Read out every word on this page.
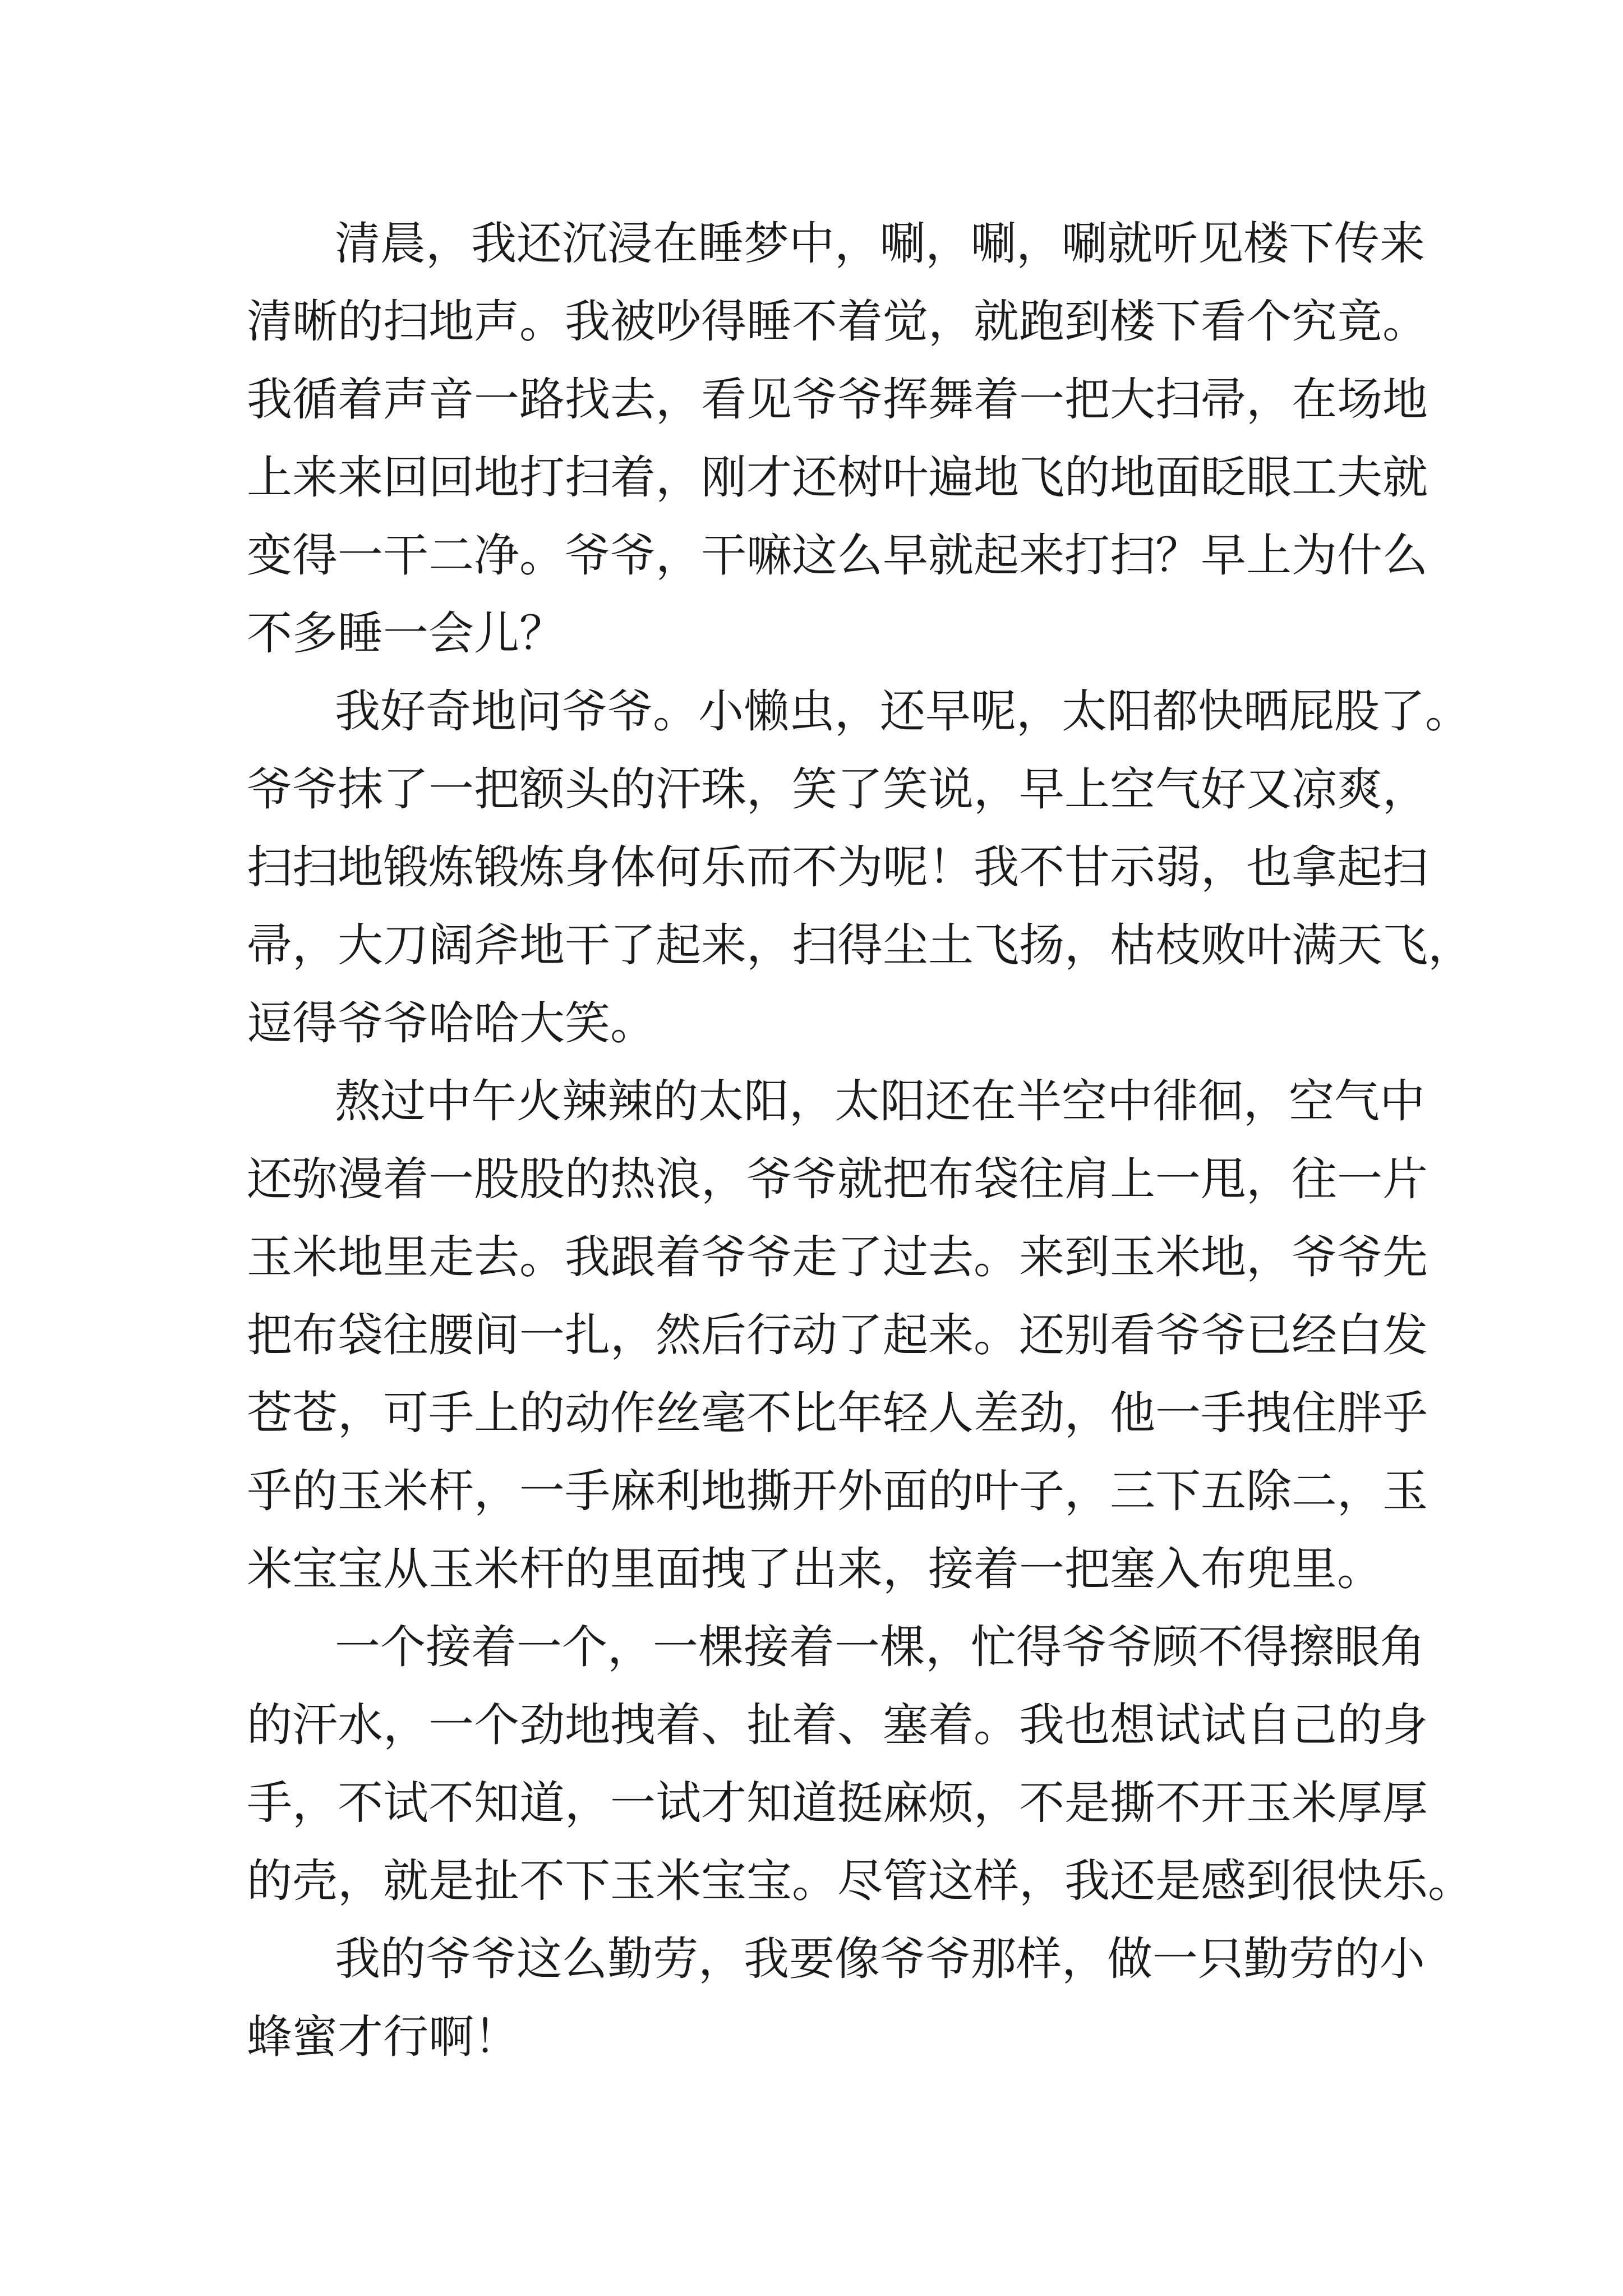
清晨，我还沉浸在睡梦中，唰，唰，唰就听见楼下传来
清晰的扫地声。我被吵得睡不着觉，就跑到楼下看个究竟。
我循着声音一路找去，看见爷爷挥舞着一把大扫帚，在场地
上来来回回地打扫着，刚才还树叶遍地飞的地面眨眼工夫就
变得一干二净。爷爷，干嘛这么早就起来打扫？早上为什么
不多睡一会儿？
我好奇地问爷爷。小懒虫，还早呢，太阳都快晒屁股了。
爷爷抹了一把额头的汗珠，笑了笑说，早上空气好又凉爽，
扫扫地锻炼锻炼身体何乐而不为呢！我不甘示弱，也拿起扫
帚，大刀阔斧地干了起来，扫得尘土飞扬，枯枝败叶满天飞，
逗得爷爷哈哈大笑。
熬过中午火辣辣的太阳，太阳还在半空中徘徊，空气中
还弥漫着一股股的热浪，爷爷就把布袋往肩上一甩，往一片
玉米地里走去。我跟着爷爷走了过去。来到玉米地，爷爷先
把布袋往腰间一扎，然后行动了起来。还别看爷爷已经白发
苍苍，可手上的动作丝毫不比年轻人差劲，他一手拽住胖乎
乎的玉米杆，一手麻利地撕开外面的叶子，三下五除二，玉
米宝宝从玉米杆的里面拽了出来，接着一把塞入布兜里。
一个接着一个，一棵接着一棵，忙得爷爷顾不得擦眼角
的汗水，一个劲地拽着、扯着、塞着。我也想试试自己的身
手，不试不知道，一试才知道挺麻烦，不是撕不开玉米厚厚
的壳，就是扯不下玉米宝宝。尽管这样，我还是感到很快乐。
我的爷爷这么勤劳，我要像爷爷那样，做一只勤劳的小
蜂蜜才行啊！
